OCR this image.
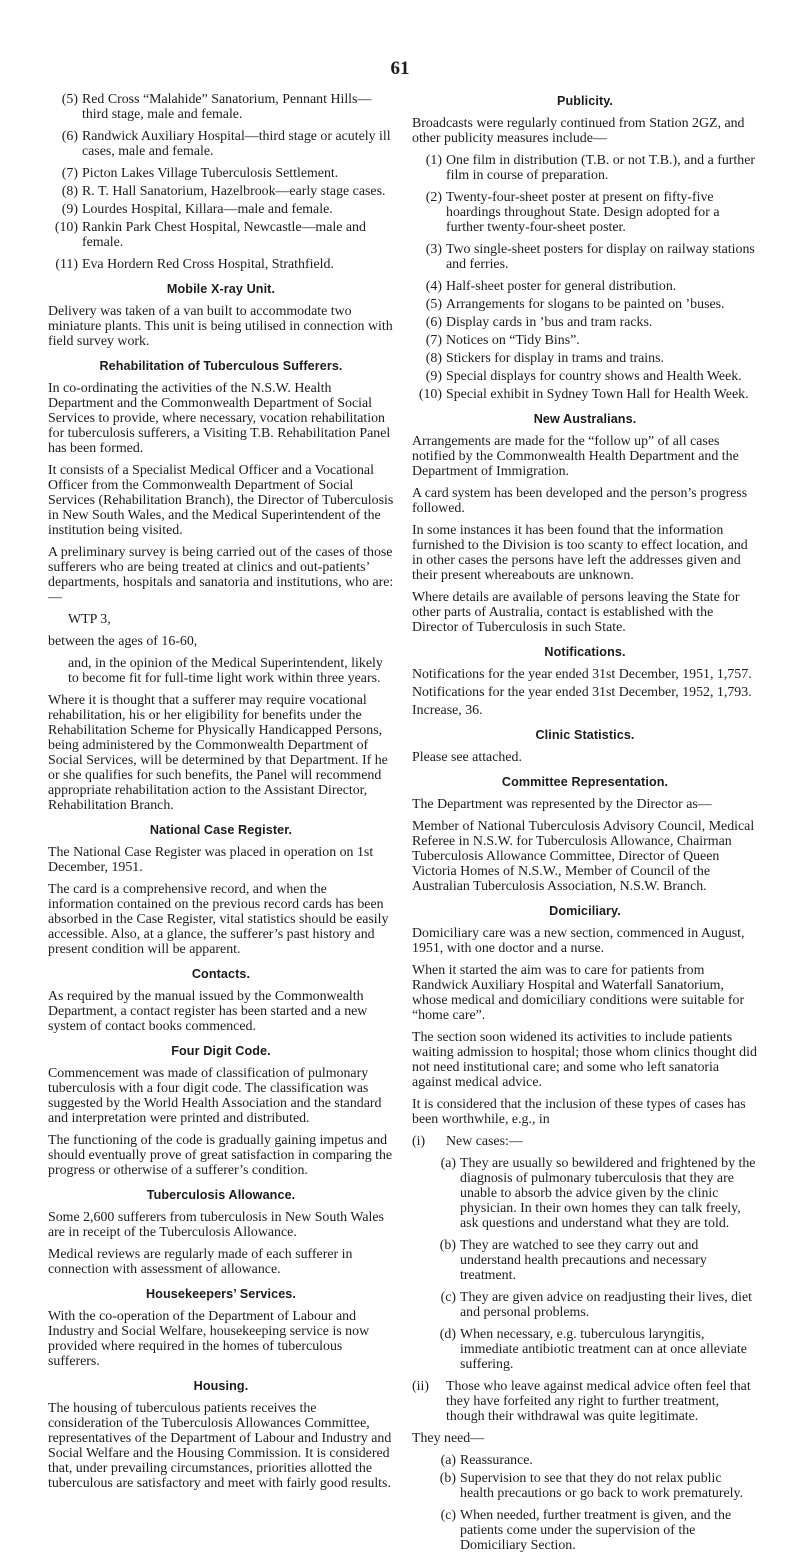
61
(5) Red Cross “Malahide” Sanatorium, Pennant Hills—third stage, male and female.
(6) Randwick Auxiliary Hospital—third stage or acutely ill cases, male and female.
(7) Picton Lakes Village Tuberculosis Settlement.
(8) R. T. Hall Sanatorium, Hazelbrook—early stage cases.
(9) Lourdes Hospital, Killara—male and female.
(10) Rankin Park Chest Hospital, Newcastle—male and female.
(11) Eva Hordern Red Cross Hospital, Strathfield.
Mobile X-ray Unit.

Delivery was taken of a van built to accommodate two miniature plants. This unit is being utilised in connection with field survey work.

Rehabilitation of Tuberculous Sufferers.

In co-ordinating the activities of the N.S.W. Health Department and the Commonwealth Department of Social Services to provide, where necessary, vocation rehabilitation for tuberculosis sufferers, a Visiting T.B. Rehabilitation Panel has been formed.

It consists of a Specialist Medical Officer and a Vocational Officer from the Commonwealth Department of Social Services (Rehabilitation Branch), the Director of Tuberculosis in New South Wales, and the Medical Superintendent of the institution being visited.

A preliminary survey is being carried out of the cases of those sufferers who are being treated at clinics and out-patients’ departments, hospitals and sanatoria and institutions, who are:—

WTP 3,

between the ages of 16-60,

and, in the opinion of the Medical Superintendent, likely to become fit for full-time light work within three years.

Where it is thought that a sufferer may require vocational rehabilitation, his or her eligibility for benefits under the Rehabilitation Scheme for Physically Handicapped Persons, being administered by the Commonwealth Department of Social Services, will be determined by that Department. If he or she qualifies for such benefits, the Panel will recommend appropriate rehabilitation action to the Assistant Director, Rehabilitation Branch.

National Case Register.

The National Case Register was placed in operation on 1st December, 1951.

The card is a comprehensive record, and when the information contained on the previous record cards has been absorbed in the Case Register, vital statistics should be easily accessible. Also, at a glance, the sufferer’s past history and present condition will be apparent.

Contacts.

As required by the manual issued by the Commonwealth Department, a contact register has been started and a new system of contact books commenced.

Four Digit Code.

Commencement was made of classification of pulmonary tuberculosis with a four digit code. The classification was suggested by the World Health Association and the standard and interpretation were printed and distributed.

The functioning of the code is gradually gaining impetus and should eventually prove of great satisfaction in comparing the progress or otherwise of a sufferer’s condition.

Tuberculosis Allowance.

Some 2,600 sufferers from tuberculosis in New South Wales are in receipt of the Tuberculosis Allowance.

Medical reviews are regularly made of each sufferer in connection with assessment of allowance.

Housekeepers’ Services.

With the co-operation of the Department of Labour and Industry and Social Welfare, housekeeping service is now provided where required in the homes of tuberculous sufferers.

Housing.

The housing of tuberculous patients receives the consideration of the Tuberculosis Allowances Committee, representatives of the Department of Labour and Industry and Social Welfare and the Housing Commission. It is considered that, under prevailing circumstances, priorities allotted the tuberculous are satisfactory and meet with fairly good results.

Publicity.

Broadcasts were regularly continued from Station 2GZ, and other publicity measures include—

(1) One film in distribution (T.B. or not T.B.), and a further film in course of preparation.
(2) Twenty-four-sheet poster at present on fifty-five hoardings throughout State. Design adopted for a further twenty-four-sheet poster.
(3) Two single-sheet posters for display on railway stations and ferries.
(4) Half-sheet poster for general distribution.
(5) Arrangements for slogans to be painted on ’buses.
(6) Display cards in ’bus and tram racks.
(7) Notices on “Tidy Bins”.
(8) Stickers for display in trams and trains.
(9) Special displays for country shows and Health Week.
(10) Special exhibit in Sydney Town Hall for Health Week.
New Australians.

Arrangements are made for the “follow up” of all cases notified by the Commonwealth Health Department and the Department of Immigration.

A card system has been developed and the person’s progress followed.

In some instances it has been found that the information furnished to the Division is too scanty to effect location, and in other cases the persons have left the addresses given and their present whereabouts are unknown.

Where details are available of persons leaving the State for other parts of Australia, contact is established with the Director of Tuberculosis in such State.

Notifications.

Notifications for the year ended 31st December, 1951, 1,757.

Notifications for the year ended 31st December, 1952, 1,793.

Increase, 36.

Clinic Statistics.

Please see attached.

Committee Representation.

The Department was represented by the Director as—

Member of National Tuberculosis Advisory Council, Medical Referee in N.S.W. for Tuberculosis Allowance, Chairman Tuberculosis Allowance Committee, Director of Queen Victoria Homes of N.S.W., Member of Council of the Australian Tuberculosis Association, N.S.W. Branch.

Domiciliary.

Domiciliary care was a new section, commenced in August, 1951, with one doctor and a nurse.

When it started the aim was to care for patients from Randwick Auxiliary Hospital and Waterfall Sanatorium, whose medical and domiciliary conditions were suitable for “home care”.

The section soon widened its activities to include patients waiting admission to hospital; those whom clinics thought did not need institutional care; and some who left sanatoria against medical advice.

It is considered that the inclusion of these types of cases has been worthwhile, e.g., in

(i)	New cases:—
(a) They are usually so bewildered and frightened by the diagnosis of pulmonary tuberculosis that they are unable to absorb the advice given by the clinic physician. In their own homes they can talk freely, ask questions and understand what they are told.
(b) They are watched to see they carry out and understand health precautions and necessary treatment.
(c) They are given advice on readjusting their lives, diet and personal problems.
(d) When necessary, e.g. tuberculous laryngitis, immediate antibiotic treatment can at once alleviate suffering.
(ii)	Those who leave against medical advice often feel that they have forfeited any right to further treatment, though their withdrawal was quite legitimate.

They need—

(a) Reassurance.
(b) Supervision to see that they do not relax public health precautions or go back to work prematurely.
(c) When needed, further treatment is given, and the patients come under the supervision of the Domiciliary Section.
